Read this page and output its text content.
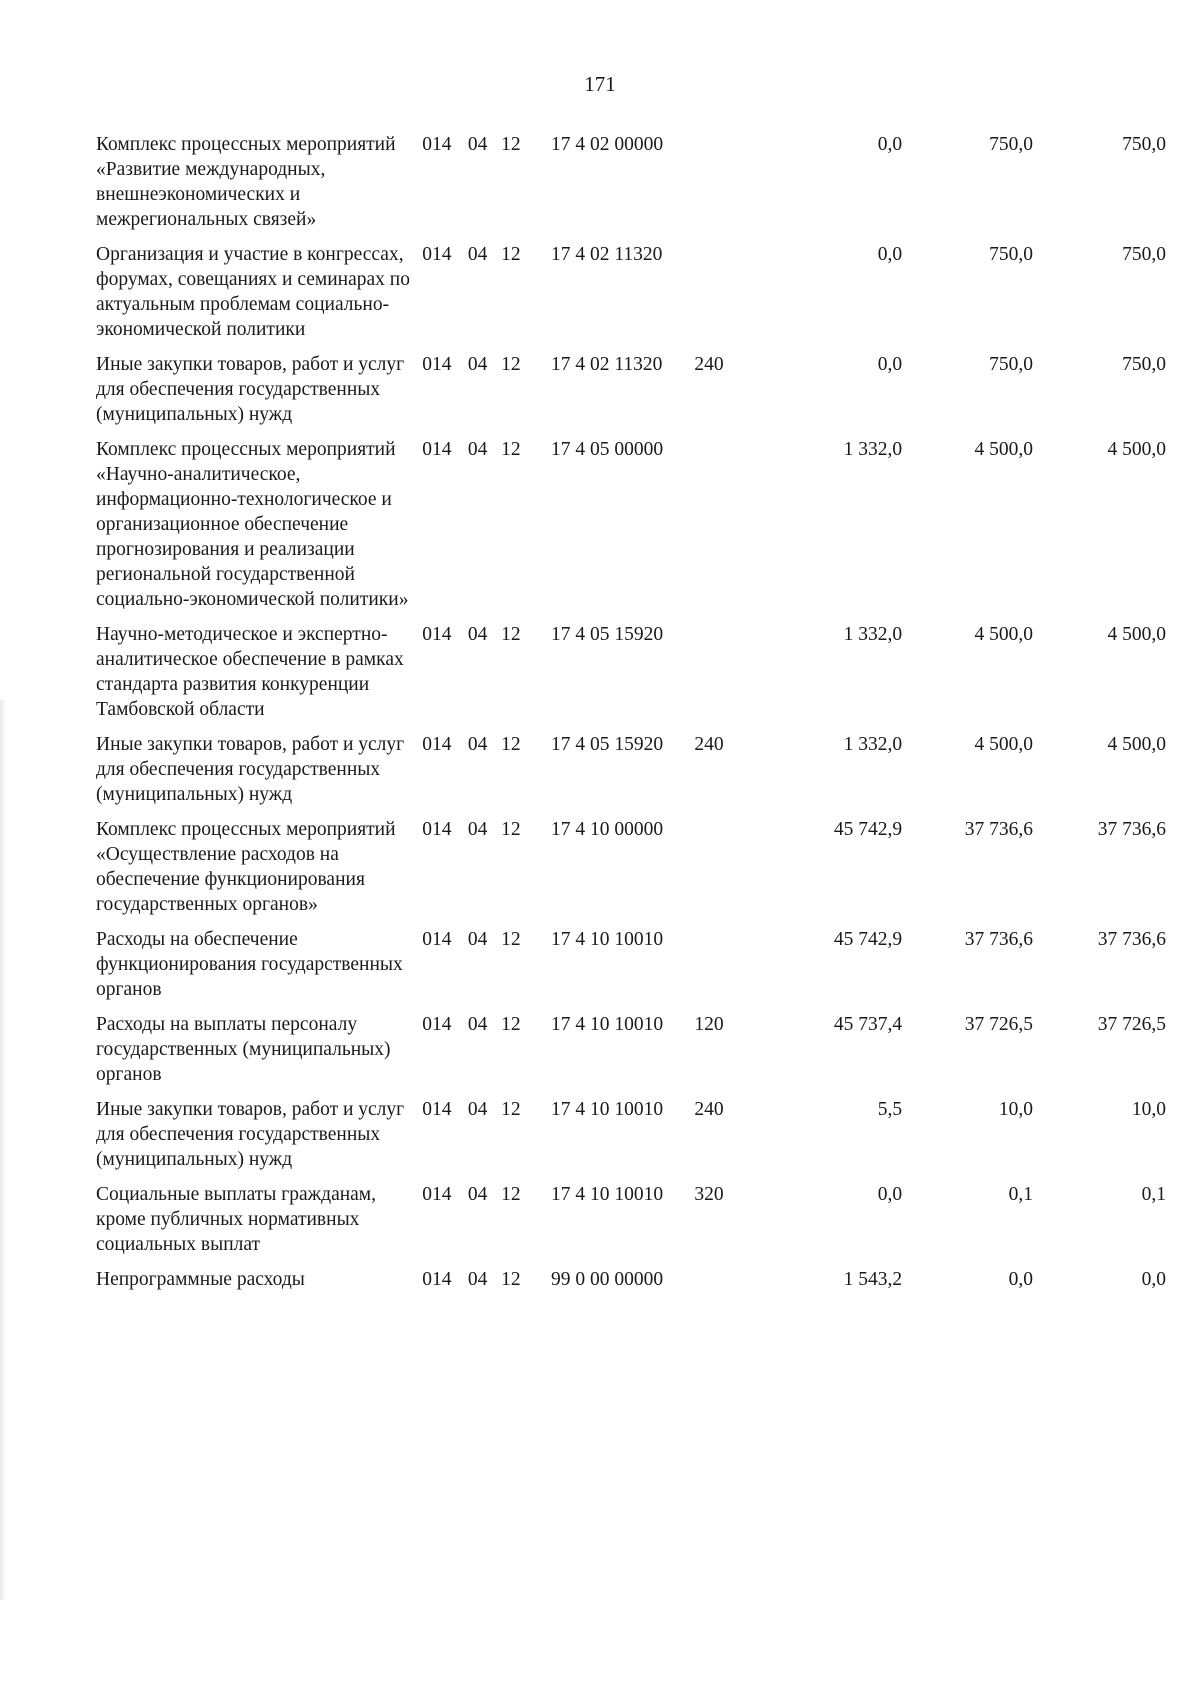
171
Комплекс процессных мероприятий «Развитие международных, внешнеэкономических и межрегиональных связей»	014	04	12	17 4 02 00000		0,0	750,0	750,0
Организация и участие в конгрессах, форумах, совещаниях и семинарах по актуальным проблемам социально-экономической политики	014	04	12	17 4 02 11320		0,0	750,0	750,0
Иные закупки товаров, работ и услуг для обеспечения государственных (муниципальных) нужд	014	04	12	17 4 02 11320	240	0,0	750,0	750,0
Комплекс процессных мероприятий «Научно-аналитическое, информационно-технологическое и организационное обеспечение прогнозирования и реализации региональной государственной социально-экономической политики»	014	04	12	17 4 05 00000		1 332,0	4 500,0	4 500,0
Научно-методическое и экспертно-аналитическое обеспечение в рамках стандарта развития конкуренции Тамбовской области	014	04	12	17 4 05 15920		1 332,0	4 500,0	4 500,0
Иные закупки товаров, работ и услуг для обеспечения государственных (муниципальных) нужд	014	04	12	17 4 05 15920	240	1 332,0	4 500,0	4 500,0
Комплекс процессных мероприятий «Осуществление расходов на обеспечение функционирования государственных органов»	014	04	12	17 4 10 00000		45 742,9	37 736,6	37 736,6
Расходы на обеспечение функционирования государственных органов	014	04	12	17 4 10 10010		45 742,9	37 736,6	37 736,6
Расходы на выплаты персоналу государственных (муниципальных) органов	014	04	12	17 4 10 10010	120	45 737,4	37 726,5	37 726,5
Иные закупки товаров, работ и услуг для обеспечения государственных (муниципальных) нужд	014	04	12	17 4 10 10010	240	5,5	10,0	10,0
Социальные выплаты гражданам, кроме публичных нормативных социальных выплат	014	04	12	17 4 10 10010	320	0,0	0,1	0,1
Непрограммные расходы	014	04	12	99 0 00 00000		1 543,2	0,0	0,0
